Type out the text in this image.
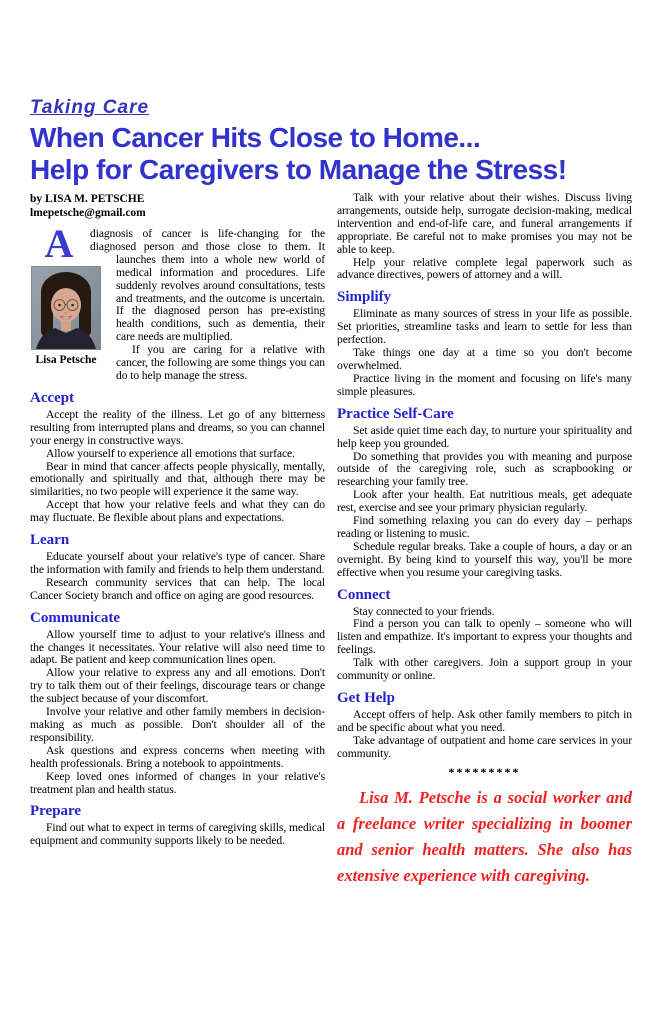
Taking Care
When Cancer Hits Close to Home...
Help for Caregivers to Manage the Stress!
by LISA M. PETSCHE
lmepetsche@gmail.com
A
Lisa Petsche

diagnosis of cancer is life-changing for the diagnosed person and those close to them. It launches them into a whole new world of medical information and procedures. Life suddenly revolves around consultations, tests and treatments, and the outcome is uncertain. If the diagnosed person has pre-existing health conditions, such as dementia, their care needs are multiplied.

If you are caring for a relative with cancer, the following are some things you can do to help manage the stress.

Accept

Accept the reality of the illness. Let go of any bitterness resulting from interrupted plans and dreams, so you can channel your energy in constructive ways.

Allow yourself to experience all emotions that surface.

Bear in mind that cancer affects people physically, mentally, emotionally and spiritually and that, although there may be similarities, no two people will experience it the same way.

Accept that how your relative feels and what they can do may fluctuate. Be flexible about plans and expectations.

Learn

Educate yourself about your relative's type of cancer. Share the information with family and friends to help them understand.

Research community services that can help. The local Cancer Society branch and office on aging are good resources.

Communicate

Allow yourself time to adjust to your relative's illness and the changes it necessitates. Your relative will also need time to adapt. Be patient and keep communication lines open.

Allow your relative to express any and all emotions. Don't try to talk them out of their feelings, discourage tears or change the subject because of your discomfort.

Involve your relative and other family members in decision-making as much as possible. Don't shoulder all of the responsibility.

Ask questions and express concerns when meeting with health professionals. Bring a notebook to appointments.

Keep loved ones informed of changes in your relative's treatment plan and health status.

Prepare

Find out what to expect in terms of caregiving skills, medical equipment and community supports likely to be needed.

Talk with your relative about their wishes. Discuss living arrangements, outside help, surrogate decision-making, medical intervention and end-of-life care, and funeral arrangements if appropriate. Be careful not to make promises you may not be able to keep.

Help your relative complete legal paperwork such as advance directives, powers of attorney and a will.

Simplify

Eliminate as many sources of stress in your life as possible. Set priorities, streamline tasks and learn to settle for less than perfection.

Take things one day at a time so you don't become overwhelmed.

Practice living in the moment and focusing on life's many simple pleasures.

Practice Self-Care

Set aside quiet time each day, to nurture your spirituality and help keep you grounded.

Do something that provides you with meaning and purpose outside of the caregiving role, such as scrapbooking or researching your family tree.

Look after your health. Eat nutritious meals, get adequate rest, exercise and see your primary physician regularly.

Find something relaxing you can do every day – perhaps reading or listening to music.

Schedule regular breaks. Take a couple of hours, a day or an overnight. By being kind to yourself this way, you'll be more effective when you resume your caregiving tasks.

Connect

Stay connected to your friends.

Find a person you can talk to openly – someone who will listen and empathize. It's important to express your thoughts and feelings.

Talk with other caregivers. Join a support group in your community or online.

Get Help

Accept offers of help. Ask other family members to pitch in and be specific about what you need.

Take advantage of outpatient and home care services in your community.

*********

Lisa M. Petsche is a social worker and a freelance writer specializing in boomer and senior health matters. She also has extensive experience with caregiving.
